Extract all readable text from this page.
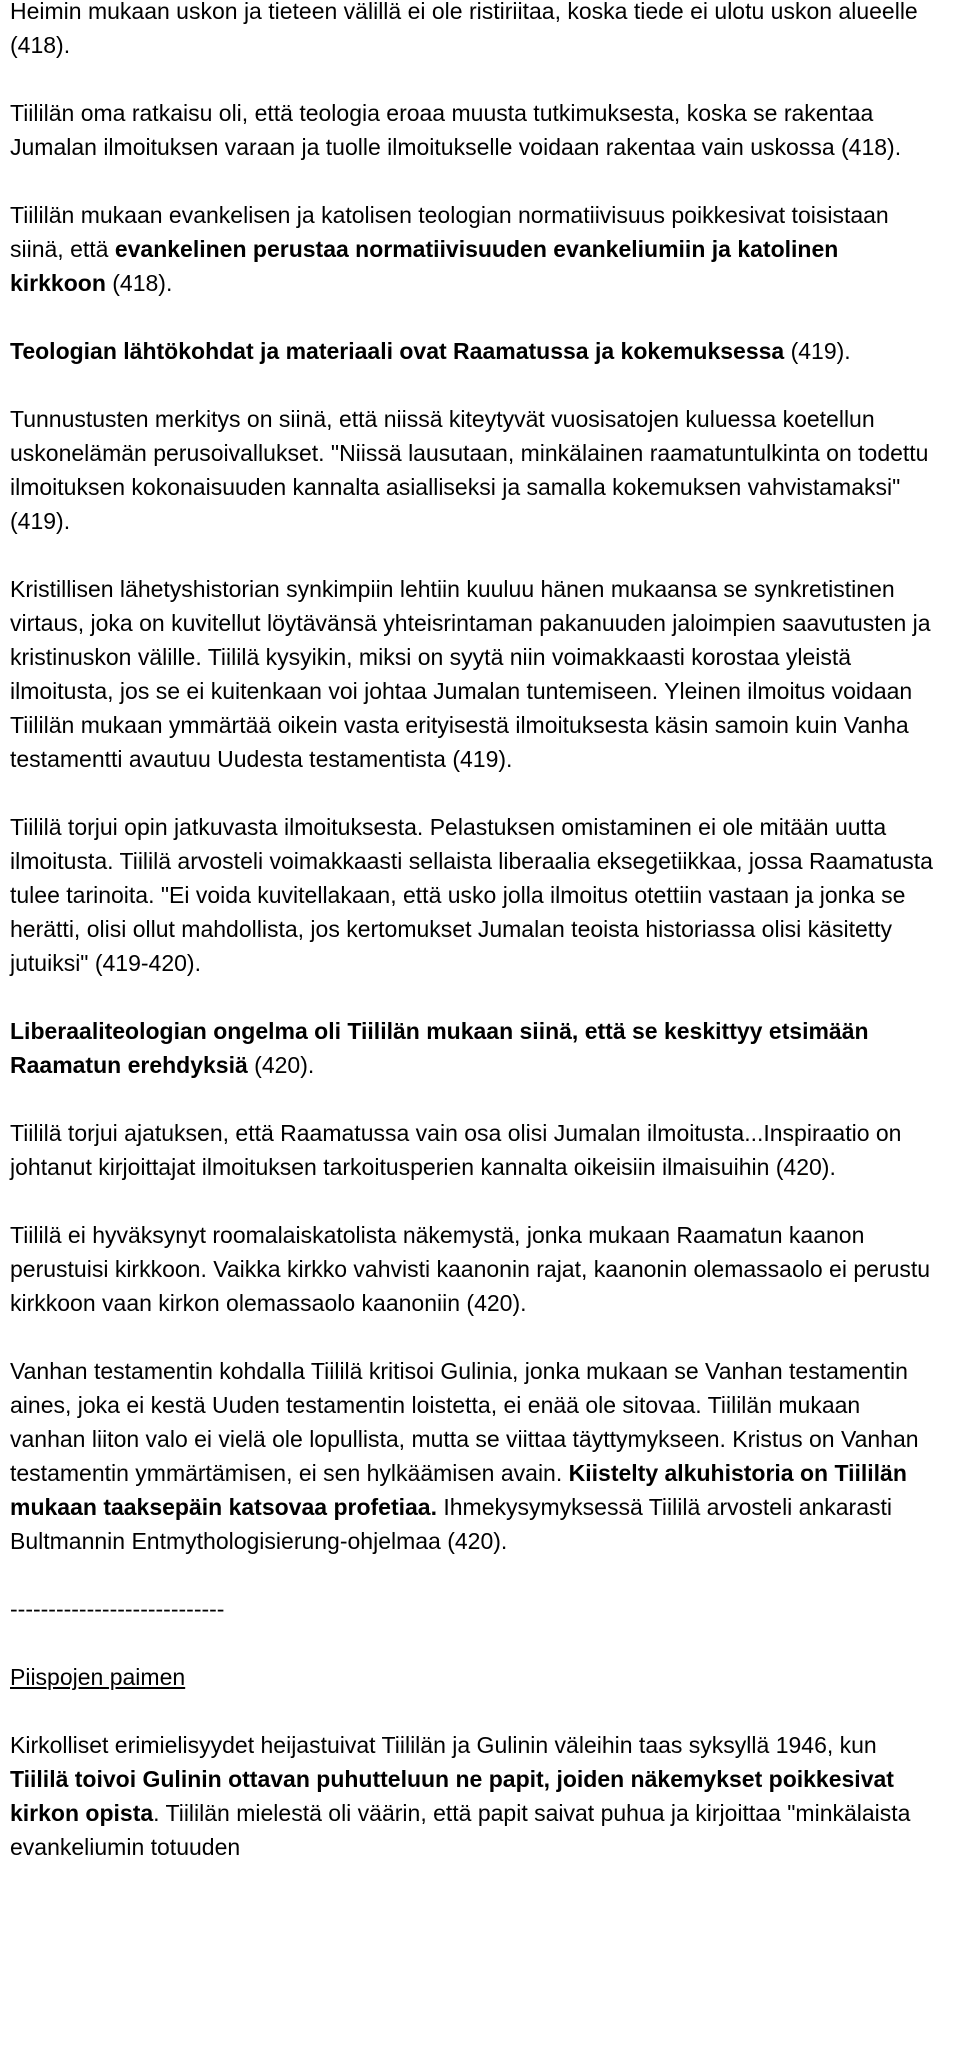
Heimin mukaan uskon ja tieteen välillä ei ole ristiriitaa, koska tiede ei ulotu uskon alueelle (418).

Tiililän oma ratkaisu oli, että teologia eroaa muusta tutkimuksesta, koska se rakentaa Jumalan ilmoituksen varaan ja tuolle ilmoitukselle voidaan rakentaa vain uskossa (418).

Tiililän mukaan evankelisen ja katolisen teologian normatiivisuus poikkesivat toisistaan siinä, että evankelinen perustaa normatiivisuuden evankeliumiin ja katolinen kirkkoon (418).

Teologian lähtökohdat ja materiaali ovat Raamatussa ja kokemuksessa (419).

Tunnustusten merkitys on siinä, että niissä kiteytyvät vuosisatojen kuluessa koetellun uskonelämän perusoivallukset. "Niissä lausutaan, minkälainen raamatuntulkinta on todettu ilmoituksen kokonaisuuden kannalta asialliseksi ja samalla kokemuksen vahvistamaksi" (419).

Kristillisen lähetyshistorian synkimpiin lehtiin kuuluu hänen mukaansa se synkretistinen virtaus, joka on kuvitellut löytävänsä yhteisrintaman pakanuuden jaloimpien saavutusten ja kristinuskon välille. Tiililä kysyikin, miksi on syytä niin voimakkaasti korostaa yleistä ilmoitusta, jos se ei kuitenkaan voi johtaa Jumalan tuntemiseen. Yleinen ilmoitus voidaan Tiililän mukaan ymmärtää oikein vasta erityisestä ilmoituksesta käsin samoin kuin Vanha testamentti avautuu Uudesta testamentista (419).

Tiililä torjui opin jatkuvasta ilmoituksesta. Pelastuksen omistaminen ei ole mitään uutta ilmoitusta. Tiililä arvosteli voimakkaasti sellaista liberaalia eksegetiikkaa, jossa Raamatusta tulee tarinoita. "Ei voida kuvitellakaan, että usko jolla ilmoitus otettiin vastaan ja jonka se herätti, olisi ollut mahdollista, jos kertomukset Jumalan teoista historiassa olisi käsitetty jutuiksi" (419-420).

Liberaaliteologian ongelma oli Tiililän mukaan siinä, että se keskittyy etsimään Raamatun erehdyksiä (420).

Tiililä torjui ajatuksen, että Raamatussa vain osa olisi Jumalan ilmoitusta...Inspiraatio on johtanut kirjoittajat ilmoituksen tarkoitusperien kannalta oikeisiin ilmaisuihin (420).

Tiililä ei hyväksynyt roomalaiskatolista näkemystä, jonka mukaan Raamatun kaanon perustuisi kirkkoon. Vaikka kirkko vahvisti kaanonin rajat, kaanonin olemassaolo ei perustu kirkkoon vaan kirkon olemassaolo kaanoniin (420).

Vanhan testamentin kohdalla Tiililä kritisoi Gulinia, jonka mukaan se Vanhan testamentin aines, joka ei kestä Uuden testamentin loistetta, ei enää ole sitovaa. Tiililän mukaan vanhan liiton valo ei vielä ole lopullista, mutta se viittaa täyttymykseen. Kristus on Vanhan testamentin ymmärtämisen, ei sen hylkäämisen avain. Kiistelty alkuhistoria on Tiililän mukaan taaksepäin katsovaa profetiaa. Ihmekysymyksessä Tiililä arvosteli ankarasti Bultmannin Entmythologisierung-ohjelmaa (420).

----------------------------

Piispojen paimen

Kirkolliset erimielisyydet heijastuivat Tiililän ja Gulinin väleihin taas syksyllä 1946, kun Tiililä toivoi Gulinin ottavan puhutteluun ne papit, joiden näkemykset poikkesivat kirkon opista. Tiililän mielestä oli väärin, että papit saivat puhua ja kirjoittaa "minkälaista evankeliumin totuuden
